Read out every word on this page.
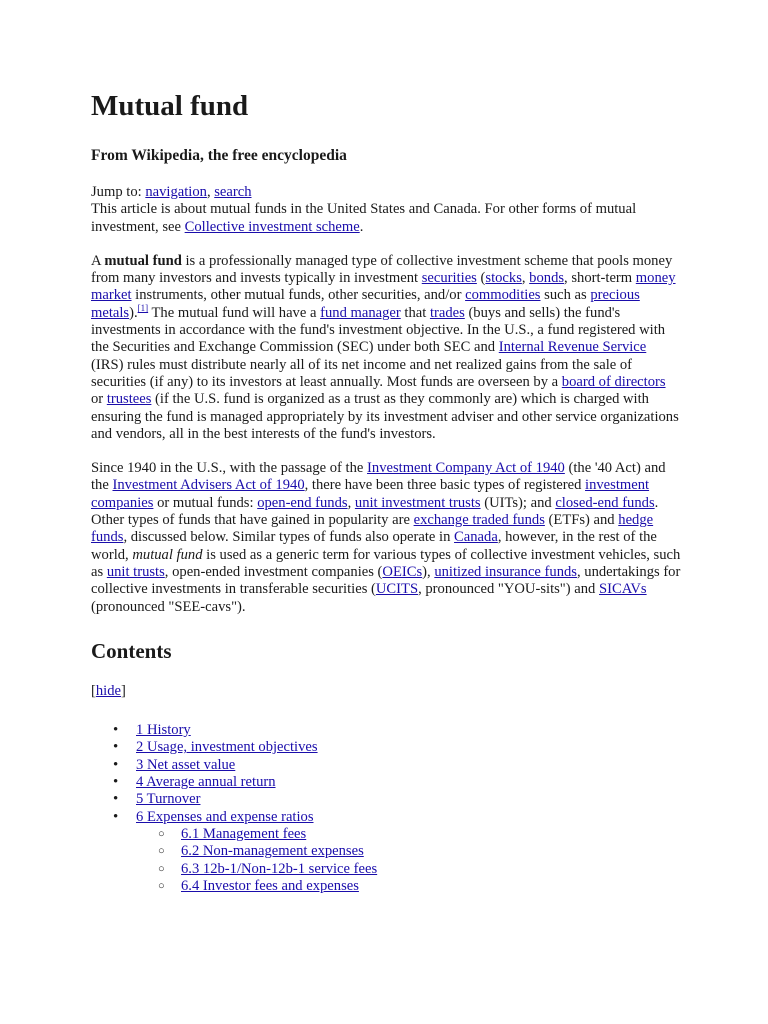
Mutual fund
From Wikipedia, the free encyclopedia
Jump to: navigation, search
This article is about mutual funds in the United States and Canada. For other forms of mutual investment, see Collective investment scheme.

A mutual fund is a professionally managed type of collective investment scheme that pools money from many investors and invests typically in investment securities (stocks, bonds, short-term money market instruments, other mutual funds, other securities, and/or commodities such as precious metals).[1] The mutual fund will have a fund manager that trades (buys and sells) the fund's investments in accordance with the fund's investment objective. In the U.S., a fund registered with the Securities and Exchange Commission (SEC) under both SEC and Internal Revenue Service (IRS) rules must distribute nearly all of its net income and net realized gains from the sale of securities (if any) to its investors at least annually. Most funds are overseen by a board of directors or trustees (if the U.S. fund is organized as a trust as they commonly are) which is charged with ensuring the fund is managed appropriately by its investment adviser and other service organizations and vendors, all in the best interests of the fund's investors.

Since 1940 in the U.S., with the passage of the Investment Company Act of 1940 (the '40 Act) and the Investment Advisers Act of 1940, there have been three basic types of registered investment companies or mutual funds: open-end funds, unit investment trusts (UITs); and closed-end funds. Other types of funds that have gained in popularity are exchange traded funds (ETFs) and hedge funds, discussed below. Similar types of funds also operate in Canada, however, in the rest of the world, mutual fund is used as a generic term for various types of collective investment vehicles, such as unit trusts, open-ended investment companies (OEICs), unitized insurance funds, undertakings for collective investments in transferable securities (UCITS, pronounced "YOU-sits") and SICAVs (pronounced "SEE-cavs").

Contents
[hide]
• 1 History
• 2 Usage, investment objectives
• 3 Net asset value
• 4 Average annual return
• 5 Turnover
• 6 Expenses and expense ratios
○ 6.1 Management fees
○ 6.2 Non-management expenses
○ 6.3 12b-1/Non-12b-1 service fees
○ 6.4 Investor fees and expenses
